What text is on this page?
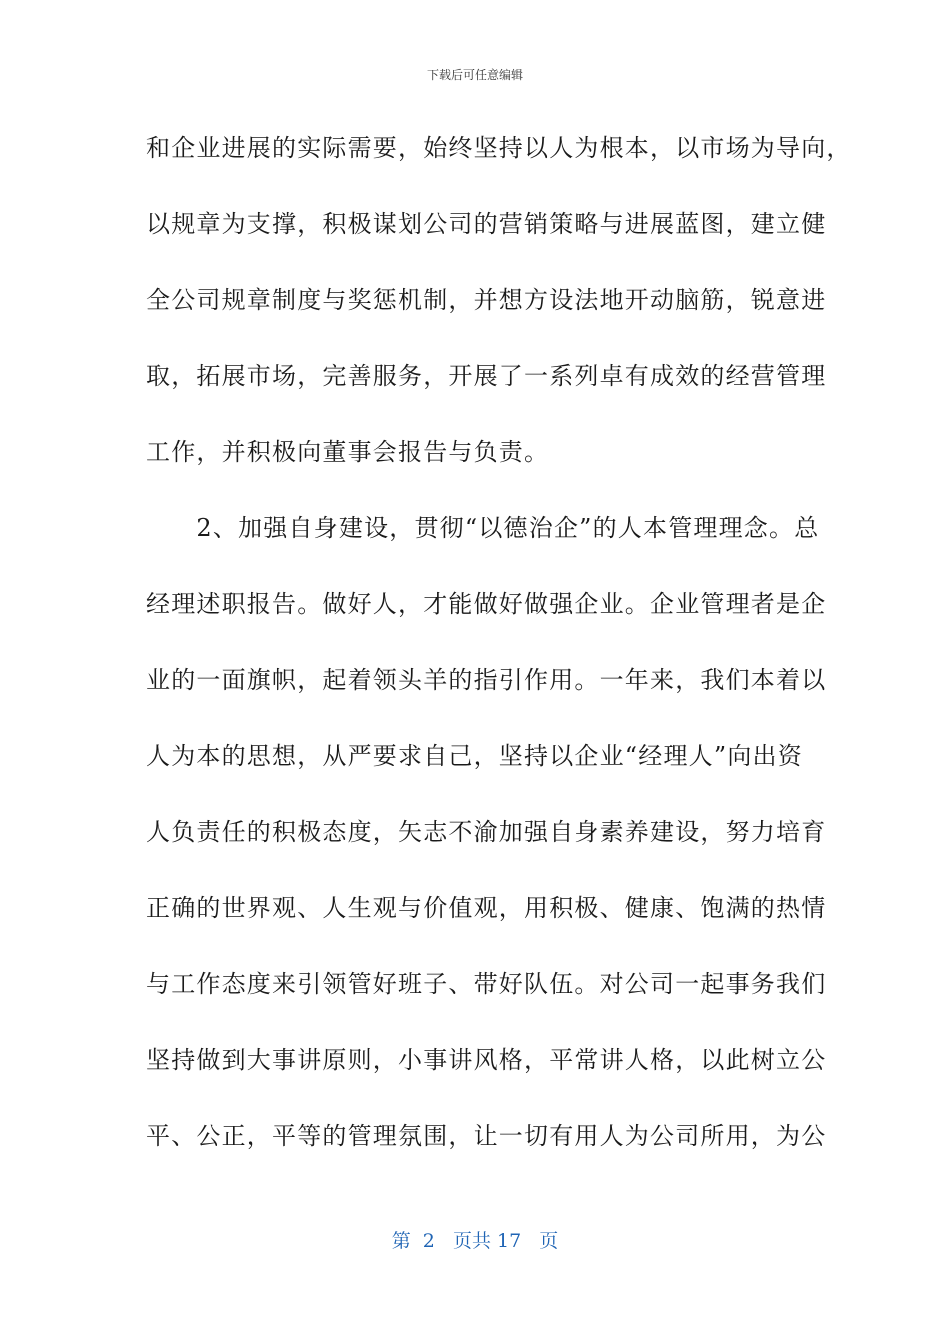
下载后可任意编辑
和企业进展的实际需要，始终坚持以人为根本，以市场为导向，
以规章为支撑，积极谋划公司的营销策略与进展蓝图，建立健
全公司规章制度与奖惩机制，并想方设法地开动脑筋，锐意进
取，拓展市场，完善服务，开展了一系列卓有成效的经营管理
工作，并积极向董事会报告与负责。
　　2、加强自身建设，贯彻“以德治企”的人本管理理念。总
经理述职报告。做好人，才能做好做强企业。企业管理者是企
业的一面旗帜，起着领头羊的指引作用。一年来，我们本着以
人为本的思想，从严要求自己，坚持以企业“经理人”向出资
人负责任的积极态度，矢志不渝加强自身素养建设，努力培育
正确的世界观、人生观与价值观，用积极、健康、饱满的热情
与工作态度来引领管好班子、带好队伍。对公司一起事务我们
坚持做到大事讲原则，小事讲风格，平常讲人格，以此树立公
平、公正，平等的管理氛围，让一切有用人为公司所用，为公
第  2   页共 17   页
